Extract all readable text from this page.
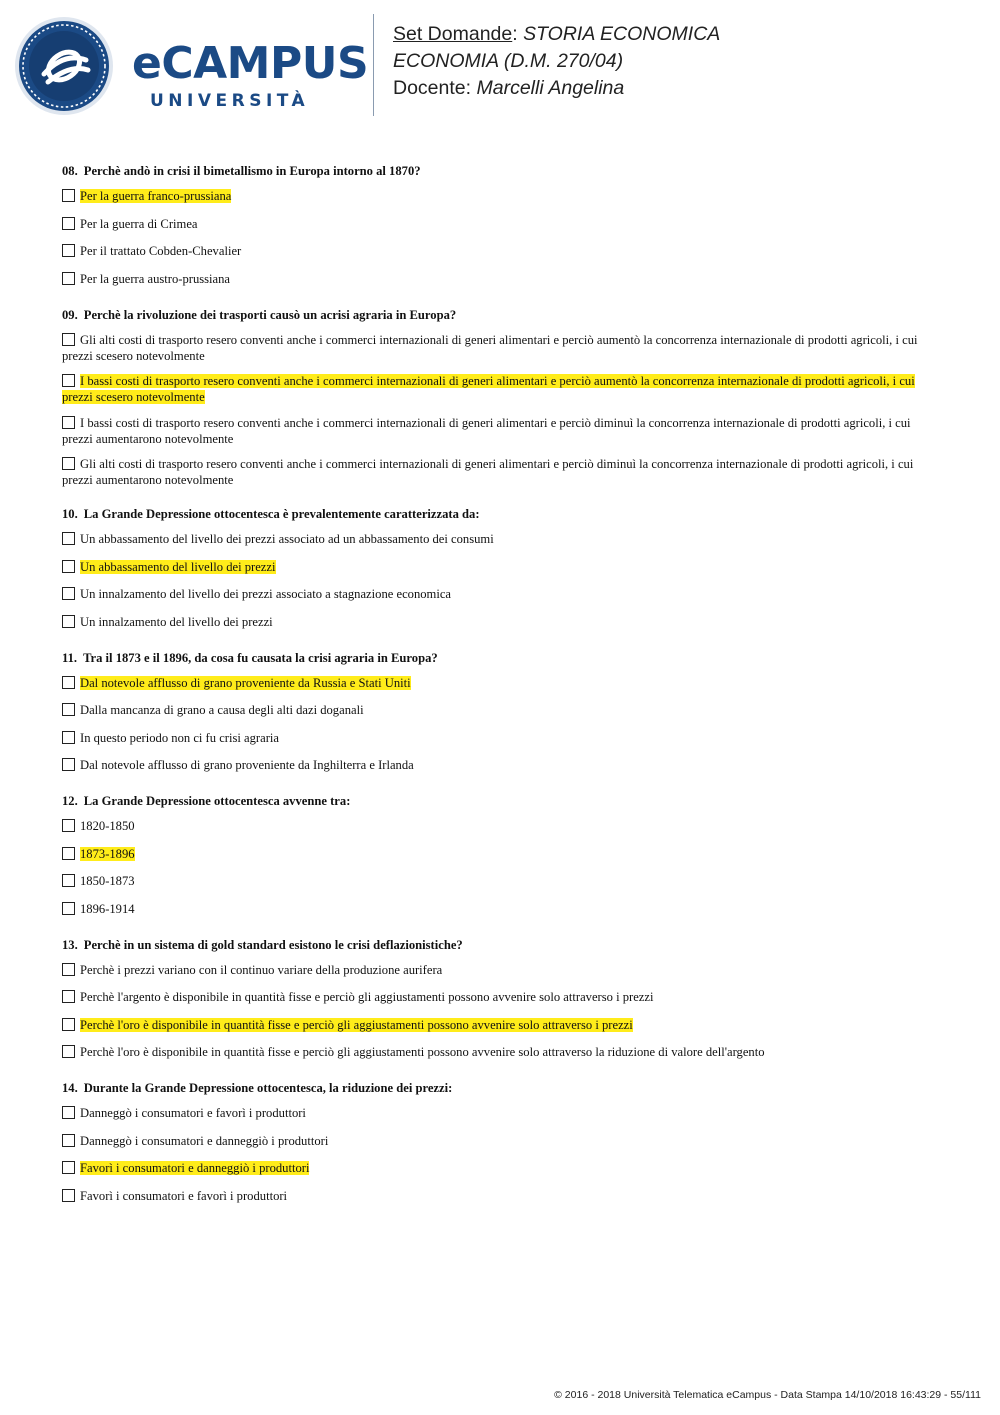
eCAMPUS
UNIVERSITÀ
Set Domande: STORIA ECONOMICA
ECONOMIA (D.M. 270/04)
Docente: Marcelli Angelina
08. Perchè andò in crisi il bimetallismo in Europa intorno al 1870?
Per la guerra franco-prussiana
Per la guerra di Crimea
Per il trattato Cobden-Chevalier
Per la guerra austro-prussiana
09. Perchè la rivoluzione dei trasporti causò un acrisi agraria in Europa?
Gli alti costi di trasporto resero conventi anche i commerci internazionali di generi alimentari e perciò aumentò la concorrenza internazionale di prodotti agricoli, i cui prezzi scesero notevolmente
I bassi costi di trasporto resero conventi anche i commerci internazionali di generi alimentari e perciò aumentò la concorrenza internazionale di prodotti agricoli, i cui prezzi scesero notevolmente
I bassi costi di trasporto resero conventi anche i commerci internazionali di generi alimentari e perciò diminuì la concorrenza internazionale di prodotti agricoli, i cui prezzi aumentarono notevolmente
Gli alti costi di trasporto resero conventi anche i commerci internazionali di generi alimentari e perciò diminuì la concorrenza internazionale di prodotti agricoli, i cui prezzi aumentarono notevolmente
10. La Grande Depressione ottocentesca è prevalentemente caratterizzata da:
Un abbassamento del livello dei prezzi associato ad un abbassamento dei consumi
Un abbassamento del livello dei prezzi
Un innalzamento del livello dei prezzi associato a stagnazione economica
Un innalzamento del livello dei prezzi
11. Tra il 1873 e il 1896, da cosa fu causata la crisi agraria in Europa?
Dal notevole afflusso di grano proveniente da Russia e Stati Uniti
Dalla mancanza di grano a causa degli alti dazi doganali
In questo periodo non ci fu crisi agraria
Dal notevole afflusso di grano proveniente da Inghilterra e Irlanda
12. La Grande Depressione ottocentesca avvenne tra:
1820-1850
1873-1896
1850-1873
1896-1914
13. Perchè in un sistema di gold standard esistono le crisi deflazionistiche?
Perchè i prezzi variano con il continuo variare della produzione aurifera
Perchè l'argento è disponibile in quantità fisse e perciò gli aggiustamenti possono avvenire solo attraverso i prezzi
Perchè l'oro è disponibile in quantità fisse e perciò gli aggiustamenti possono avvenire solo attraverso i prezzi
Perchè l'oro è disponibile in quantità fisse e perciò gli aggiustamenti possono avvenire solo attraverso la riduzione di valore dell'argento
14. Durante la Grande Depressione ottocentesca, la riduzione dei prezzi:
Danneggò i consumatori e favorì i produttori
Danneggò i consumatori e danneggiò i produttori
Favorì i consumatori e danneggiò i produttori
Favorì i consumatori e favorì i produttori
© 2016 - 2018 Università Telematica eCampus - Data Stampa 14/10/2018 16:43:29 - 55/111
